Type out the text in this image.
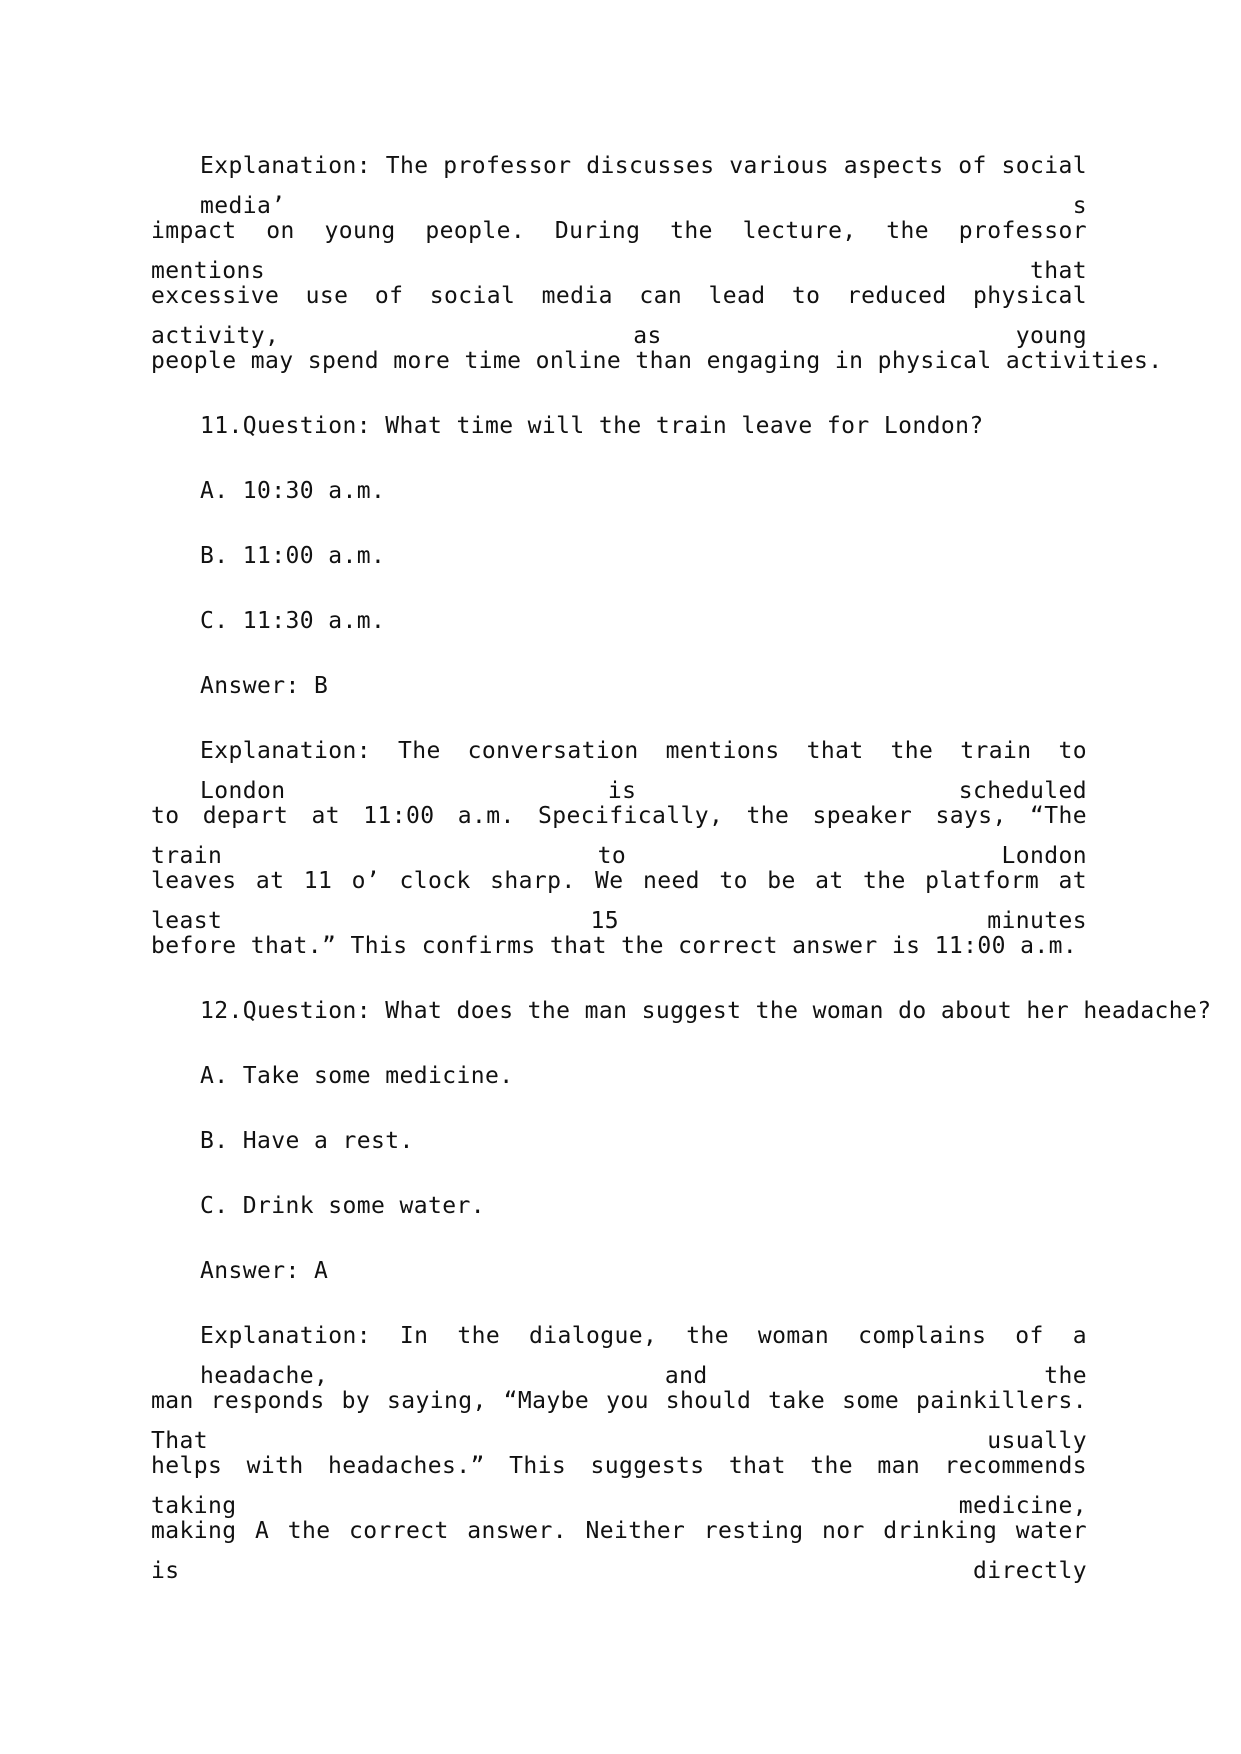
Explanation: The professor discusses various aspects of social media’ s
impact on young people. During the lecture, the professor mentions that
excessive use of social media can lead to reduced physical activity, as young
people may spend more time online than engaging in physical activities.
11.Question: What time will the train leave for London?
A. 10:30 a.m.
B. 11:00 a.m.
C. 11:30 a.m.
Answer: B
Explanation: The conversation mentions that the train to London is scheduled
to depart at 11:00 a.m. Specifically, the speaker says, “The train to London
leaves at 11 o’ clock sharp. We need to be at the platform at least 15 minutes
before that.” This confirms that the correct answer is 11:00 a.m.
12.Question: What does the man suggest the woman do about her headache?
A. Take some medicine.
B. Have a rest.
C. Drink some water.
Answer: A
Explanation: In the dialogue, the woman complains of a headache, and the
man responds by saying, “Maybe you should take some painkillers. That usually
helps with headaches.” This suggests that the man recommends taking medicine,
making A the correct answer. Neither resting nor drinking water is directly
